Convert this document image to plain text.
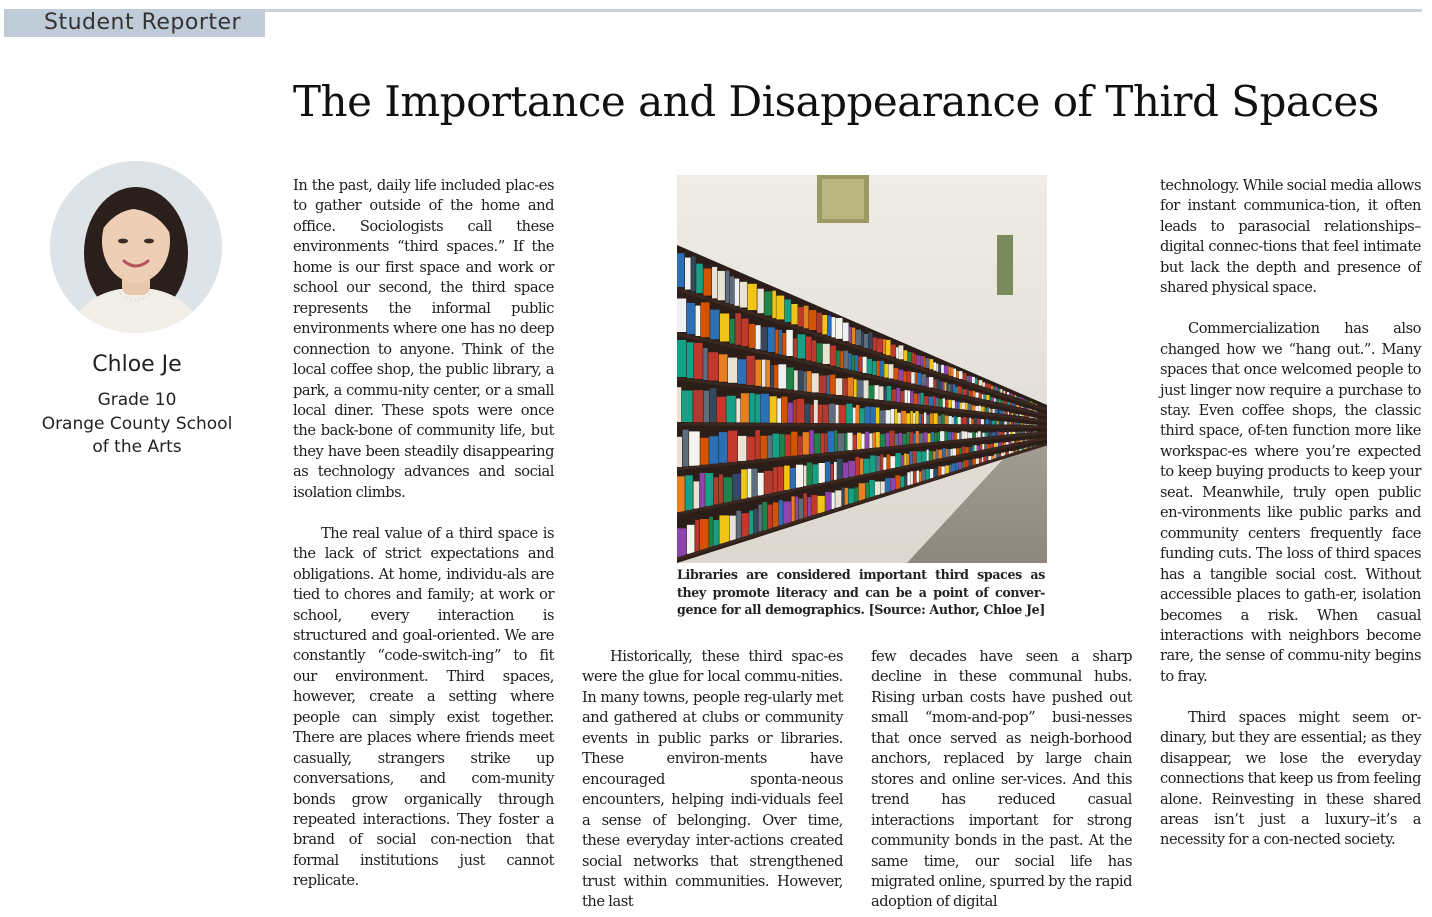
Student Reporter
The Importance and Disappearance of Third Spaces
Chloe Je
Grade 10
Orange County School
of the Arts

In the past, daily life included plac-es to gather outside of the home and office. Sociologists call these environments “third spaces.” If the home is our first space and work or school our second, the third space represents the informal public environments where one has no deep connection to anyone. Think of the local coffee shop, the public library, a park, a commu-nity center, or a small local diner. These spots were once the back-bone of community life, but they have been steadily disappearing as technology advances and social isolation climbs.

The real value of a third space is the lack of strict expectations and obligations. At home, individu-als are tied to chores and family; at work or school, every interaction is structured and goal-oriented. We are constantly “code-switch-ing” to fit our environment. Third spaces, however, create a setting where people can simply exist together. There are places where friends meet casually, strangers strike up conversations, and com-munity bonds grow organically through repeated interactions. They foster a brand of social con-nection that formal institutions just cannot replicate.

Libraries are considered important third spaces as they promote literacy and can be a point of conver-gence for all demographics. [Source: Author, Chloe Je]

Historically, these third spac-es were the glue for local commu-nities. In many towns, people reg-ularly met and gathered at clubs or community events in public parks or libraries. These environ-ments have encouraged sponta-neous encounters, helping indi-viduals feel a sense of belonging. Over time, these everyday inter-actions created social networks that strengthened trust within communities. However, the last

few decades have seen a sharp decline in these communal hubs. Rising urban costs have pushed out small “mom-and-pop” busi-nesses that once served as neigh-borhood anchors, replaced by large chain stores and online ser-vices. And this trend has reduced casual interactions important for strong community bonds in the past. At the same time, our social life has migrated online, spurred by the rapid adoption of digital

technology. While social media allows for instant communica-tion, it often leads to parasocial relationships–digital connec-tions that feel intimate but lack the depth and presence of shared physical space.

Commercialization has also changed how we “hang out.”. Many spaces that once welcomed people to just linger now require a purchase to stay. Even coffee shops, the classic third space, of-ten function more like workspac-es where you’re expected to keep buying products to keep your seat. Meanwhile, truly open public en-vironments like public parks and community centers frequently face funding cuts. The loss of third spaces has a tangible social cost. Without accessible places to gath-er, isolation becomes a risk. When casual interactions with neighbors become rare, the sense of commu-nity begins to fray.

Third spaces might seem or-dinary, but they are essential; as they disappear, we lose the everyday connections that keep us from feeling alone. Reinvesting in these shared areas isn’t just a luxury–it’s a necessity for a con-nected society.
